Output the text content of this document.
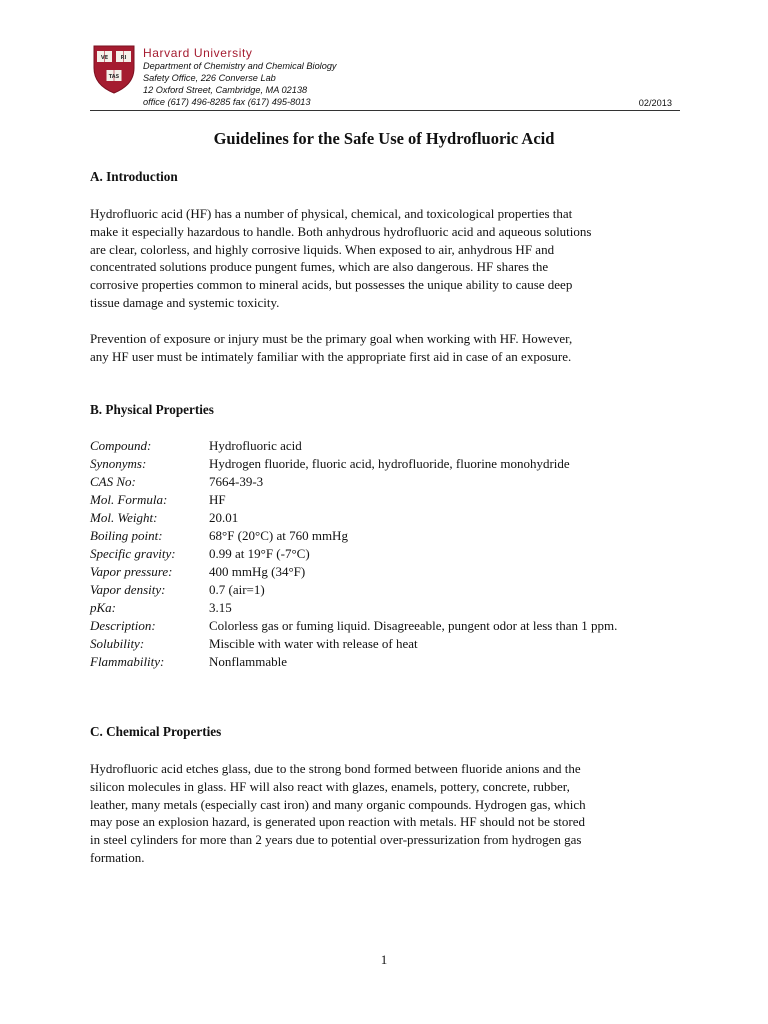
VE RI
TAS
Harvard University
Department of Chemistry and Chemical Biology
Safety Office, 226 Converse Lab
12 Oxford Street, Cambridge, MA 02138
office (617) 496-8285 fax (617) 495-8013	02/2013
Guidelines for the Safe Use of Hydrofluoric Acid
A. Introduction
Hydrofluoric acid (HF) has a number of physical, chemical, and toxicological properties that
make it especially hazardous to handle. Both anhydrous hydrofluoric acid and aqueous solutions
are clear, colorless, and highly corrosive liquids. When exposed to air, anhydrous HF and
concentrated solutions produce pungent fumes, which are also dangerous. HF shares the
corrosive properties common to mineral acids, but possesses the unique ability to cause deep
tissue damage and systemic toxicity.
Prevention of exposure or injury must be the primary goal when working with HF. However,
any HF user must be intimately familiar with the appropriate first aid in case of an exposure.
B. Physical Properties
Compound:	Hydrofluoric acid
Synonyms:	Hydrogen fluoride, fluoric acid, hydrofluoride, fluorine monohydride
CAS No:	7664-39-3
Mol. Formula:	HF
Mol. Weight:	20.01
Boiling point:	68°F (20°C) at 760 mmHg
Specific gravity:	0.99 at 19°F (-7°C)
Vapor pressure:	400 mmHg (34°F)
Vapor density:	0.7 (air=1)
pKa:	3.15
Description:	Colorless gas or fuming liquid. Disagreeable, pungent odor at less than 1 ppm.
Solubility:	Miscible with water with release of heat
Flammability:	Nonflammable
C. Chemical Properties
Hydrofluoric acid etches glass, due to the strong bond formed between fluoride anions and the
silicon molecules in glass. HF will also react with glazes, enamels, pottery, concrete, rubber,
leather, many metals (especially cast iron) and many organic compounds. Hydrogen gas, which
may pose an explosion hazard, is generated upon reaction with metals. HF should not be stored
in steel cylinders for more than 2 years due to potential over-pressurization from hydrogen gas
formation.
1
